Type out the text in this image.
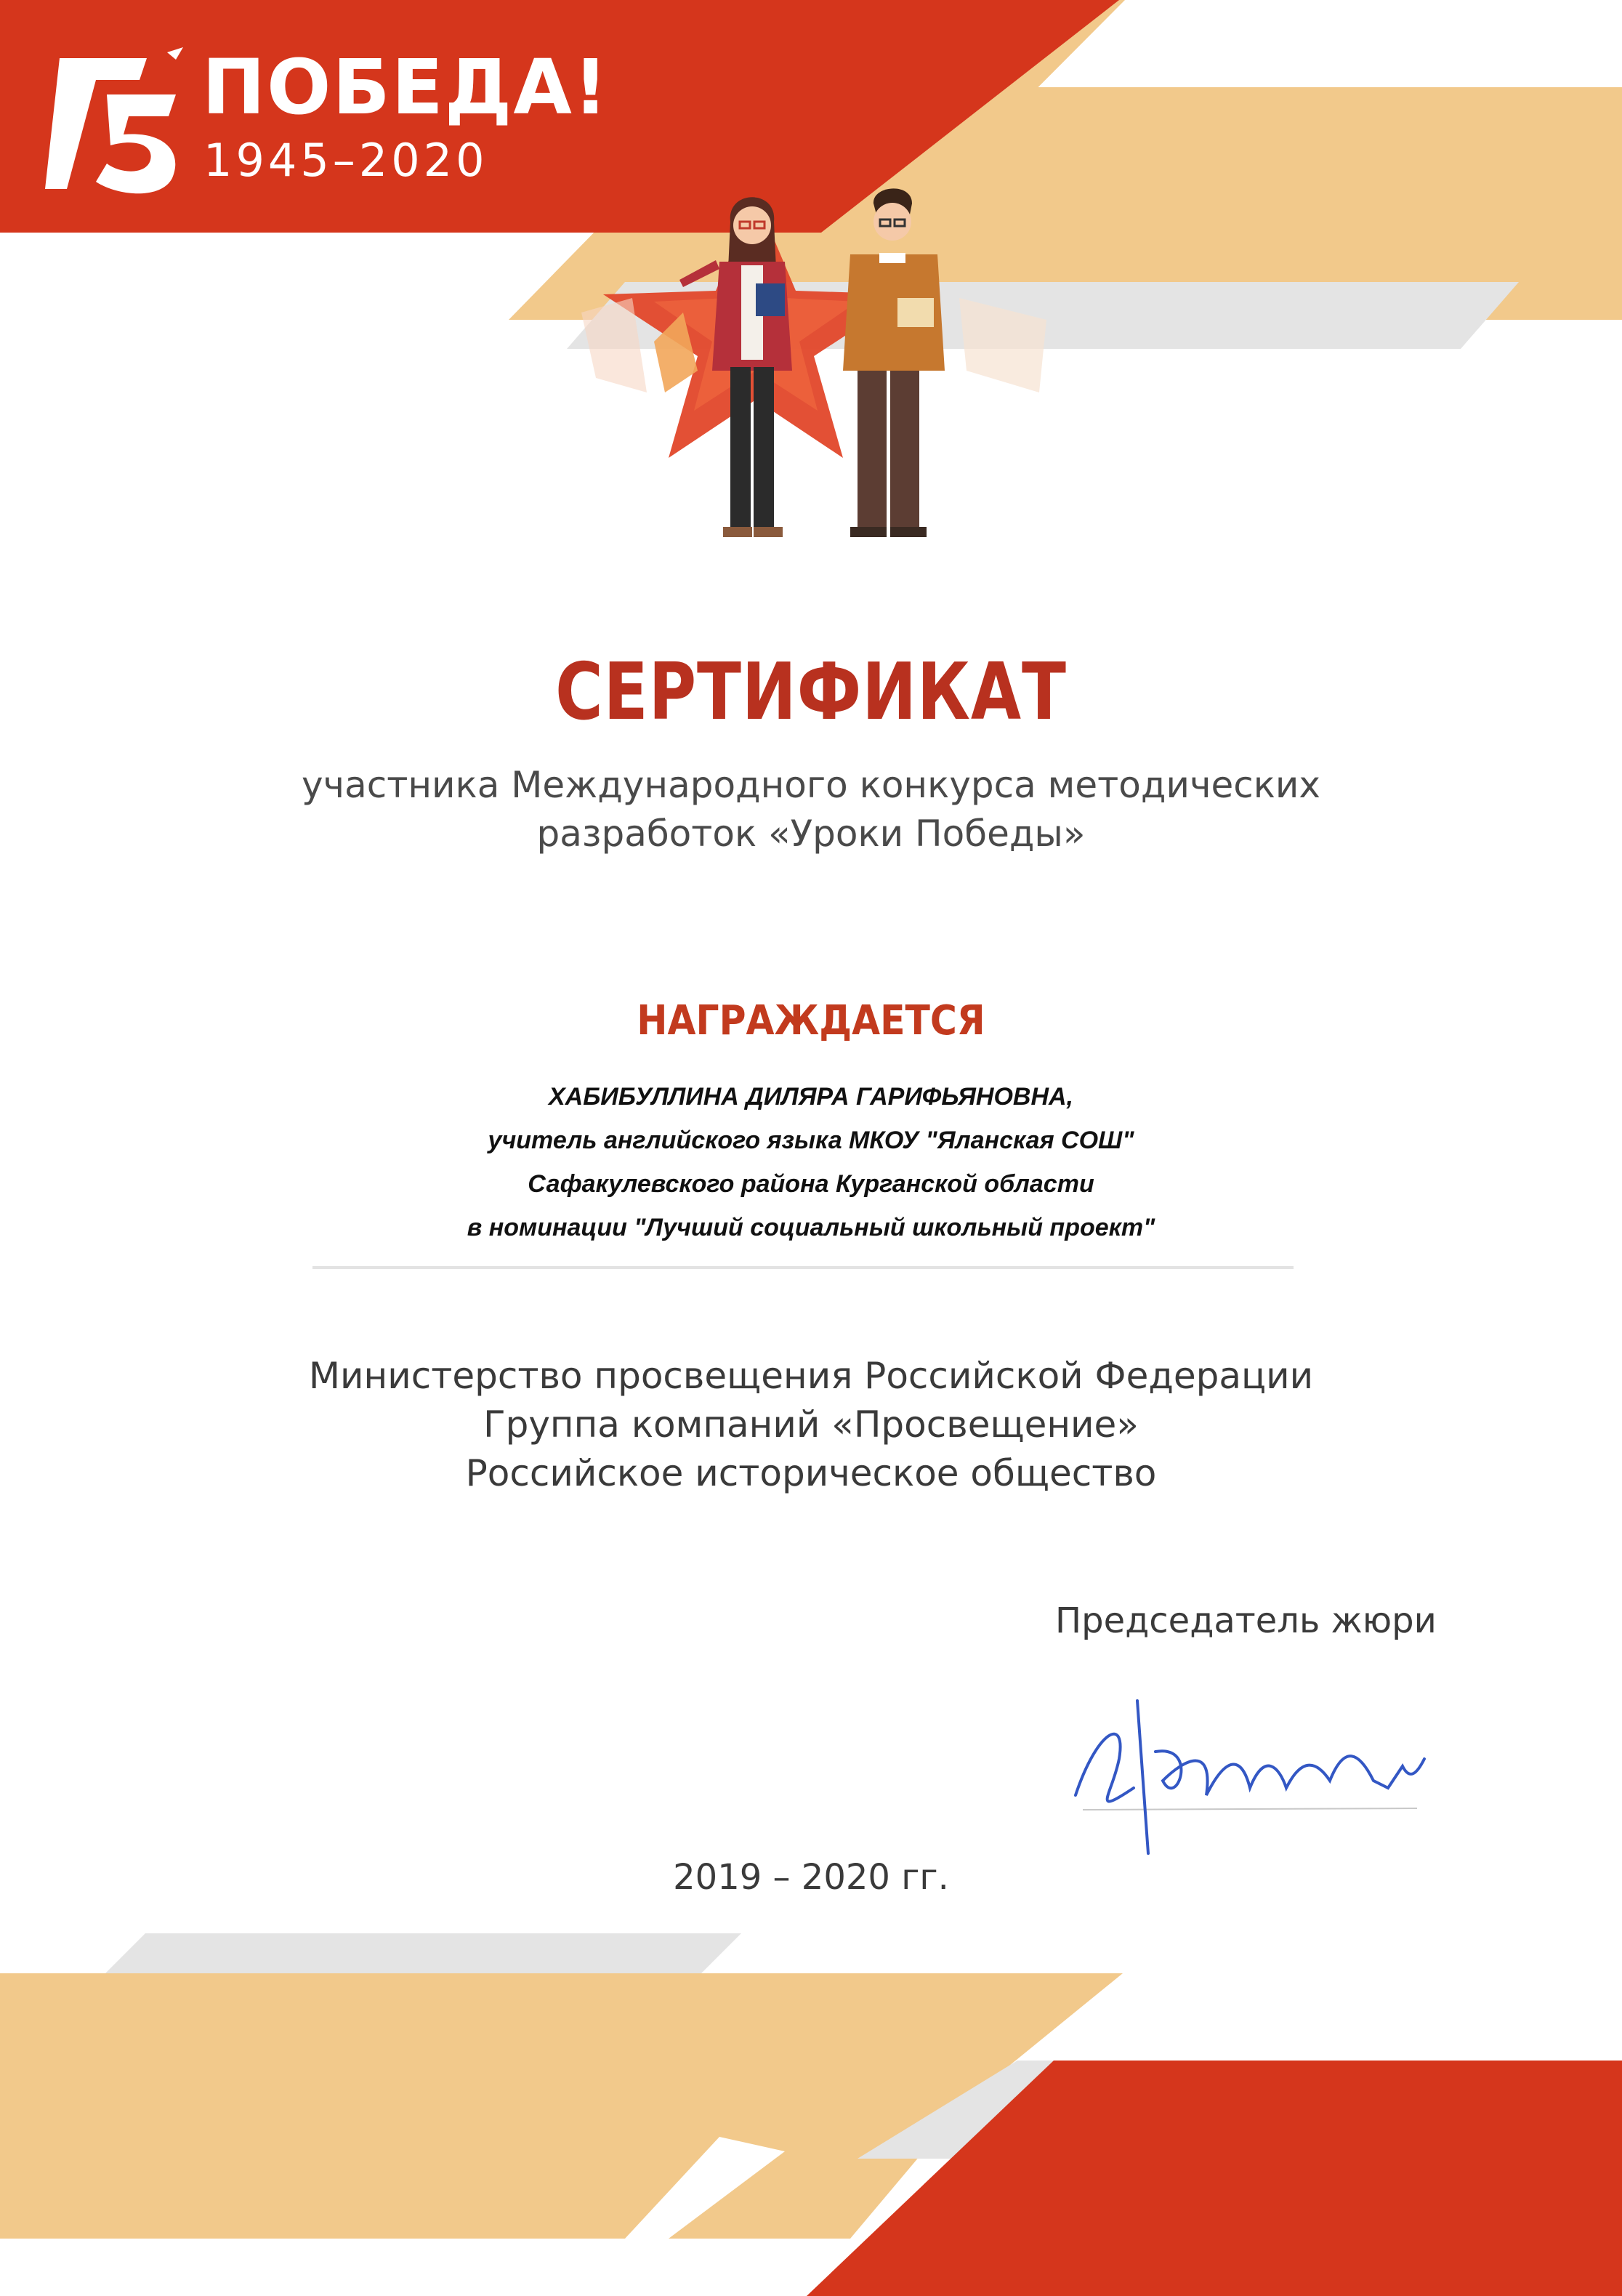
ПОБЕДА!
1945–2020
СЕРТИФИКАТ
участника Международного конкурса методических
разработок «Уроки Победы»
НАГРАЖДАЕТСЯ
ХАБИБУЛЛИНА ДИЛЯРА ГАРИФЬЯНОВНА,
учитель английского языка МКОУ "Яланская СОШ"
Сафакулевского района Курганской области
в номинации "Лучший социальный школьный проект"
Министерство просвещения Российской Федерации
Группа компаний «Просвещение»
Российское историческое общество
Председатель жюри
2019 – 2020 гг.
